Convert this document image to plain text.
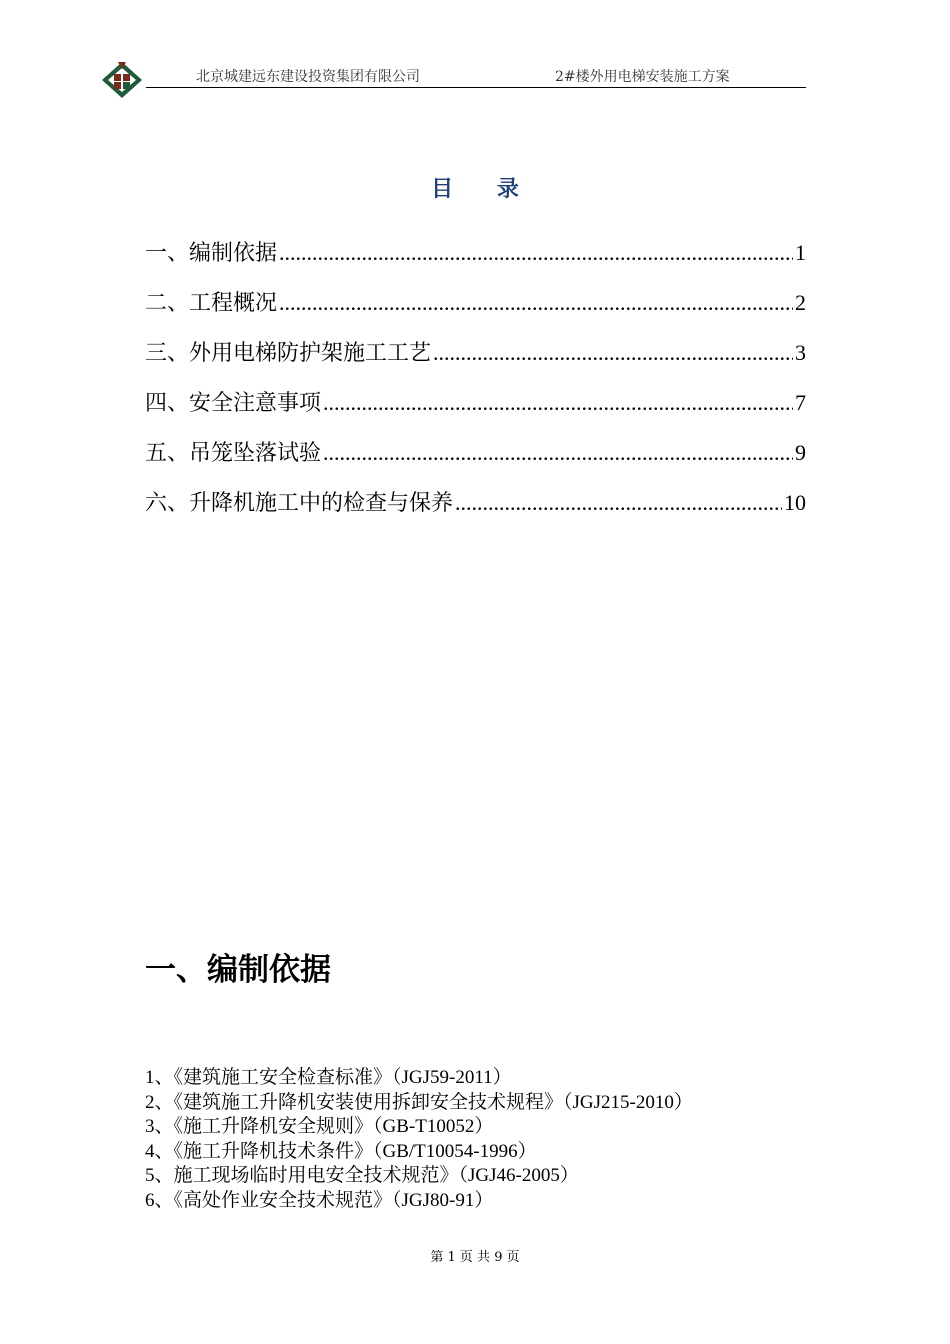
北京城建远东建设投资集团有限公司	2#楼外用电梯安装施工方案
目 录
一、编制依据 .....	1
二、工程概况 .....	2
三、外用电梯防护架施工工艺 .....	3
四、安全注意事项 .....	7
五、吊笼坠落试验 .....	9
六、升降机施工中的检查与保养 .....	10
一、编制依据
1、《建筑施工安全检查标准》（JGJ59-2011）
2、《建筑施工升降机安装使用拆卸安全技术规程》（JGJ215-2010）
3、《施工升降机安全规则》（GB-T10052）
4、《施工升降机技术条件》（GB/T10054-1996）
5、施工现场临时用电安全技术规范》（JGJ46-2005）
6、《高处作业安全技术规范》（JGJ80-91）
第 1 页 共 9 页
